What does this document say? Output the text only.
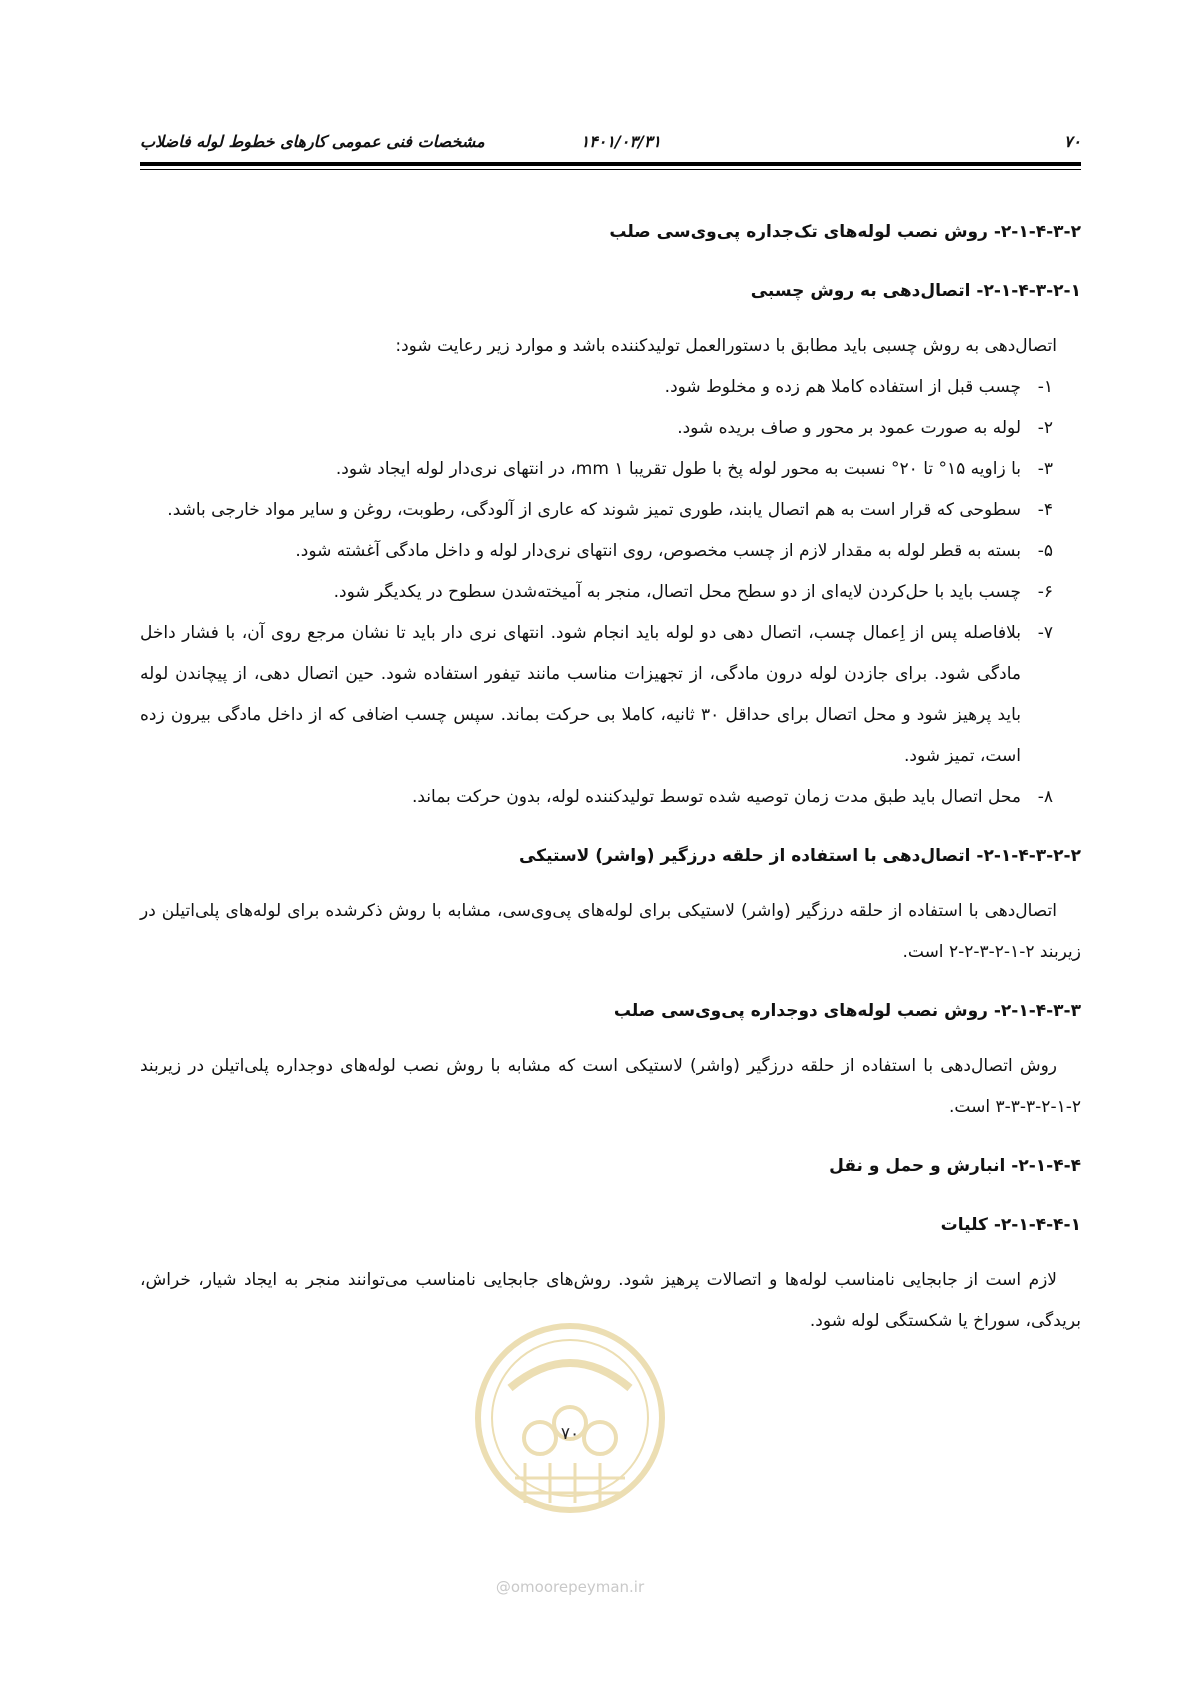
۷۰
۱۴۰۱/۰۳/۳۱
مشخصات فنی عمومی کارهای خطوط لوله فاضلاب
۲-۱-۴-۳-۲- روش نصب لوله‌های تک‌جداره پی‌وی‌سی صلب
۲-۱-۴-۳-۲-۱- اتصال‌دهی به روش چسبی

اتصال‌دهی به روش چسبی باید مطابق با دستورالعمل تولیدکننده باشد و موارد زیر رعایت شود:

۱-
چسب قبل از استفاده کاملا هم زده و مخلوط شود.
۲-
لوله به صورت عمود بر محور و صاف بریده شود.
۳-
با زاویه ۱۵° تا ۲۰° نسبت به محور لوله پخ با طول تقریبا ۱ mm، در انتهای نری‌دار لوله ایجاد شود.
۴-
سطوحی که قرار است به هم اتصال یابند، طوری تمیز شوند که عاری از آلودگی، رطوبت، روغن و سایر مواد خارجی باشد.
۵-
بسته به قطر لوله به مقدار لازم از چسب مخصوص، روی انتهای نری‌دار لوله و داخل مادگی آغشته شود.
۶-
چسب باید با حل‌کردن لایه‌ای از دو سطح محل اتصال، منجر به آمیخته‌شدن سطوح در یکدیگر شود.
۷-
بلافاصله پس از اِعمال چسب، اتصال دهی دو لوله باید انجام شود. انتهای نری دار باید تا نشان مرجع روی آن، با فشار داخل مادگی شود. برای جازدن لوله درون مادگی، از تجهیزات مناسب مانند تیفور استفاده شود. حین اتصال دهی، از پیچاندن لوله باید پرهیز شود و محل اتصال برای حداقل ۳۰ ثانیه، کاملا بی حرکت بماند. سپس چسب اضافی که از داخل مادگی بیرون زده است، تمیز شود.
۸-
محل اتصال باید طبق مدت زمان توصیه شده توسط تولیدکننده لوله، بدون حرکت بماند.
۲-۱-۴-۳-۲-۲- اتصال‌دهی با استفاده از حلقه درزگیر (واشر) لاستیکی

اتصال‌دهی با استفاده از حلقه درزگیر (واشر) لاستیکی برای لوله‌های پی‌وی‌سی، مشابه با روش ذکرشده برای لوله‌های پلی‌اتیلن در زیربند ۲-۱-۲-۳-۲-۲ است.

۲-۱-۴-۳-۳- روش نصب لوله‌های دوجداره پی‌وی‌سی صلب

روش اتصال‌دهی با استفاده از حلقه درزگیر (واشر) لاستیکی است که مشابه با روش نصب لوله‌های دوجداره پلی‌اتیلن در زیربند ۲-۱-۲-۳-۳-۳ است.

۲-۱-۴-۴- انبارش و حمل و نقل
۲-۱-۴-۴-۱- کلیات

لازم است از جابجایی نامناسب لوله‌ها و اتصالات پرهیز شود. روش‌های جابجایی نامناسب می‌توانند منجر به ایجاد شیار، خراش، بریدگی، سوراخ یا شکستگی لوله شود.

۷۰
@omoorepeyman.ir
